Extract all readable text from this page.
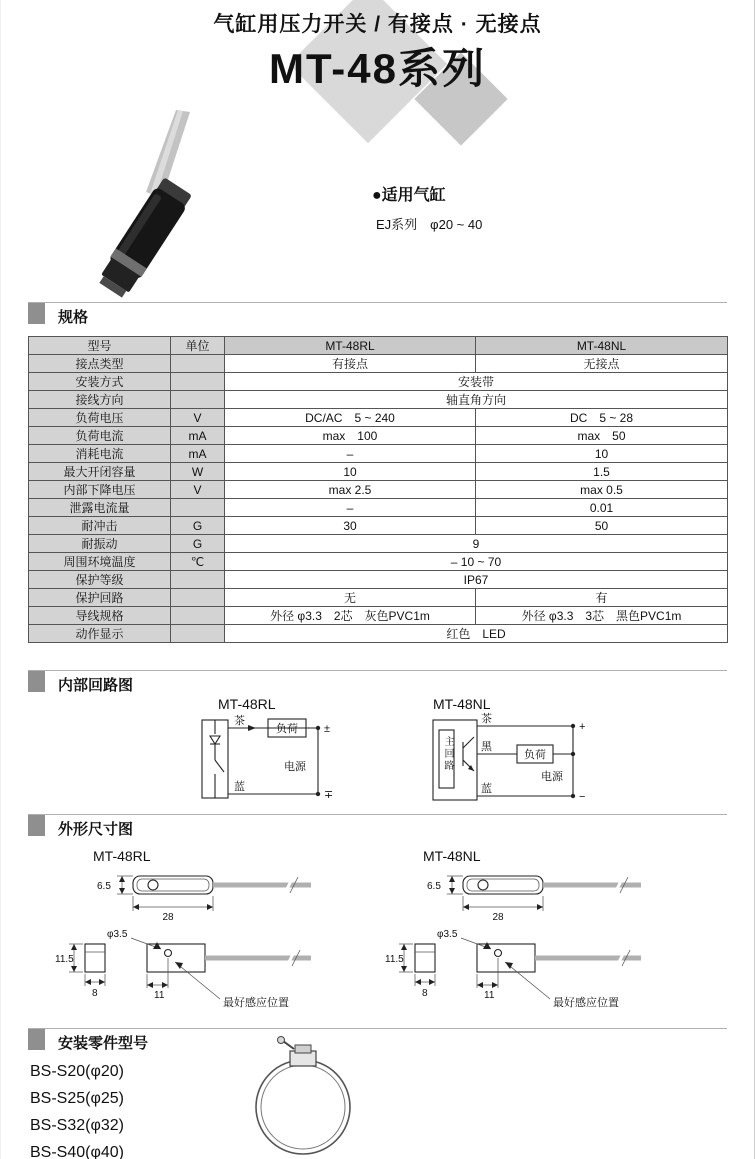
气缸用压力开关 / 有接点 · 无接点
MT-48系列
●适用气缸
EJ系列　φ20 ~ 40
规格
型号	单位	MT-48RL	MT-48NL
接点类型		有接点	无接点
安装方式		安装带	
接线方向		轴直角方向	
负荷电压	V	DC/AC　5 ~ 240	DC　5 ~ 28
负荷电流	mA	max　100	max　50
消耗电流	mA	–	10
最大开闭容量	W	10	1.5
内部下降电压	V	max 2.5	max 0.5
泄露电流量		–	0.01
耐冲击	G	30	50
耐振动	G	9	
周围环境温度	℃	– 10 ~ 70	
保护等级		IP67	
保护回路		无	有
导线规格		外径 φ3.3　2芯　灰色PVC1m	外径 φ3.3　3芯　黑色PVC1m
动作显示		红色　LED	
内部回路图
MT-48RL
茶
负荷 ±
蓝
电源
∓
MT-48NL
主回路
茶
黑
蓝
负荷
电源
+
−
外形尺寸图
MT-48RL
6.5
28
11.5
8
φ3.5
11
最好感应位置
MT-48NL
6.5
28
11.5
8
φ3.5
11
最好感应位置
安装零件型号
BS-S20(φ20)
BS-S25(φ25)
BS-S32(φ32)
BS-S40(φ40)
